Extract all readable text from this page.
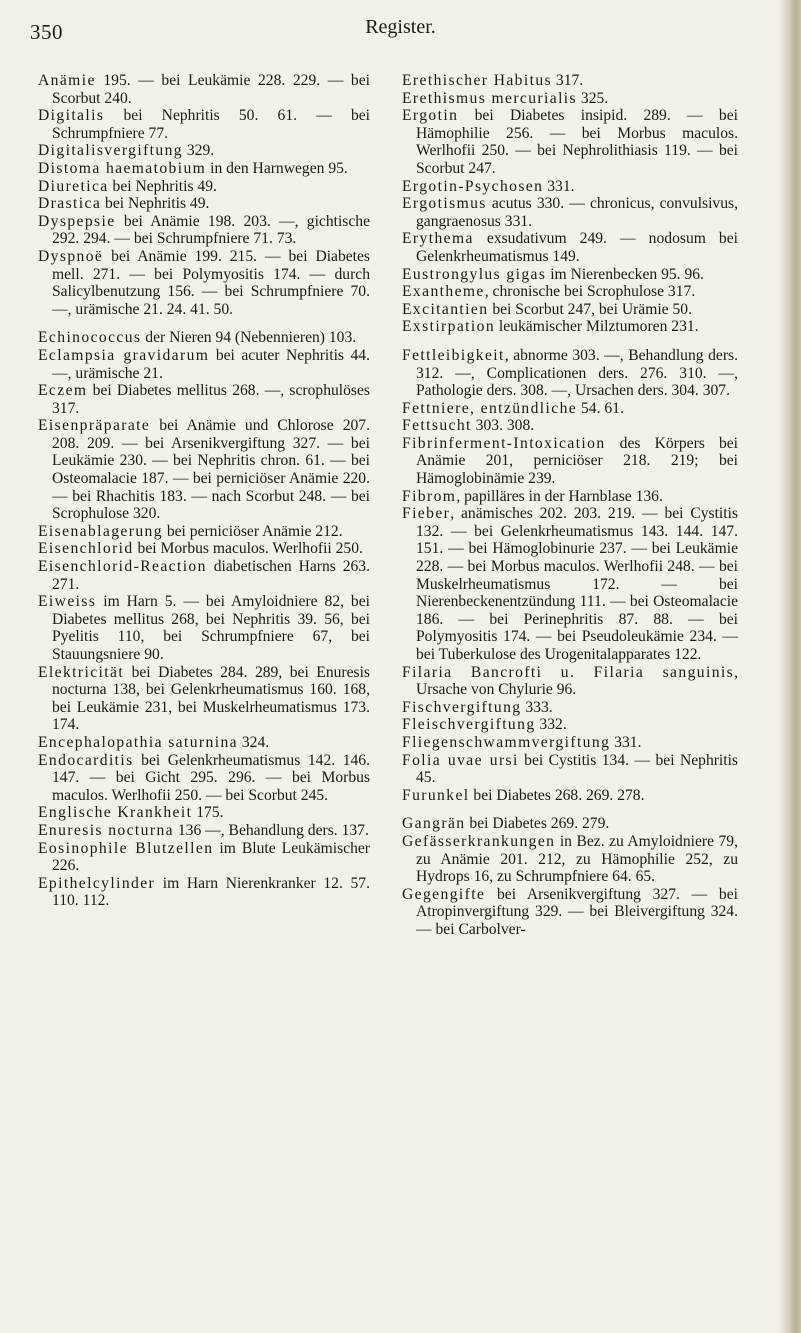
350	Register.

Anämie 195. — bei Leukämie 228. 229. — bei Scorbut 240.

Digitalis bei Nephritis 50. 61. — bei Schrumpfniere 77.

Digitalisvergiftung 329.

Distoma haematobium in den Harnwegen 95.

Diuretica bei Nephritis 49.

Drastica bei Nephritis 49.

Dyspepsie bei Anämie 198. 203. —, gichtische 292. 294. — bei Schrumpfniere 71. 73.

Dyspnoë bei Anämie 199. 215. — bei Diabetes mell. 271. — bei Polymyositis 174. — durch Salicylbenutzung 156. — bei Schrumpfniere 70. —, urämische 21. 24. 41. 50.

Echinococcus der Nieren 94 (Nebennieren) 103.

Eclampsia gravidarum bei acuter Nephritis 44. —, urämische 21.

Eczem bei Diabetes mellitus 268. —, scrophulöses 317.

Eisenpräparate bei Anämie und Chlorose 207. 208. 209. — bei Arsenikvergiftung 327. — bei Leukämie 230. — bei Nephritis chron. 61. — bei Osteomalacie 187. — bei perniciöser Anämie 220. — bei Rhachitis 183. — nach Scorbut 248. — bei Scrophulose 320.

Eisenablagerung bei perniciöser Anämie 212.

Eisenchlorid bei Morbus maculos. Werlhofii 250.

Eisenchlorid-Reaction diabetischen Harns 263. 271.

Eiweiss im Harn 5. — bei Amyloidniere 82, bei Diabetes mellitus 268, bei Nephritis 39. 56, bei Pyelitis 110, bei Schrumpfniere 67, bei Stauungsniere 90.

Elektricität bei Diabetes 284. 289, bei Enuresis nocturna 138, bei Gelenkrheumatismus 160. 168, bei Leukämie 231, bei Muskelrheumatismus 173. 174.

Encephalopathia saturnina 324.

Endocarditis bei Gelenkrheumatismus 142. 146. 147. — bei Gicht 295. 296. — bei Morbus maculos. Werlhofii 250. — bei Scorbut 245.

Englische Krankheit 175.

Enuresis nocturna 136 —, Behandlung ders. 137.

Eosinophile Blutzellen im Blute Leukämischer 226.

Epithelcylinder im Harn Nierenkranker 12. 57. 110. 112.

Erethischer Habitus 317.

Erethismus mercurialis 325.

Ergotin bei Diabetes insipid. 289. — bei Hämophilie 256. — bei Morbus maculos. Werlhofii 250. — bei Nephrolithiasis 119. — bei Scorbut 247.

Ergotin-Psychosen 331.

Ergotismus acutus 330. — chronicus, convulsivus, gangraenosus 331.

Erythema exsudativum 249. — nodosum bei Gelenkrheumatismus 149.

Eustrongylus gigas im Nierenbecken 95. 96.

Exantheme, chronische bei Scrophulose 317.

Excitantien bei Scorbut 247, bei Urämie 50.

Exstirpation leukämischer Milztumoren 231.

Fettleibigkeit, abnorme 303. —, Behandlung ders. 312. —, Complicationen ders. 276. 310. —, Pathologie ders. 308. —, Ursachen ders. 304. 307.

Fettniere, entzündliche 54. 61.

Fettsucht 303. 308.

Fibrinferment-Intoxication des Körpers bei Anämie 201, perniciöser 218. 219; bei Hämoglobinämie 239.

Fibrom, papilläres in der Harnblase 136.

Fieber, anämisches 202. 203. 219. — bei Cystitis 132. — bei Gelenkrheumatismus 143. 144. 147. 151. — bei Hämoglobinurie 237. — bei Leukämie 228. — bei Morbus maculos. Werlhofii 248. — bei Muskelrheumatismus 172. — bei Nierenbeckenentzündung 111. — bei Osteomalacie 186. — bei Perinephritis 87. 88. — bei Polymyositis 174. — bei Pseudoleukämie 234. — bei Tuberkulose des Urogenitalapparates 122.

Filaria Bancrofti u. Filaria sanguinis, Ursache von Chylurie 96.

Fischvergiftung 333.

Fleischvergiftung 332.

Fliegenschwammvergiftung 331.

Folia uvae ursi bei Cystitis 134. — bei Nephritis 45.

Furunkel bei Diabetes 268. 269. 278.

Gangrän bei Diabetes 269. 279.

Gefässerkrankungen in Bez. zu Amyloidniere 79, zu Anämie 201. 212, zu Hämophilie 252, zu Hydrops 16, zu Schrumpfniere 64. 65.

Gegengifte bei Arsenikvergiftung 327. — bei Atropinvergiftung 329. — bei Bleivergiftung 324. — bei Carbolver-
